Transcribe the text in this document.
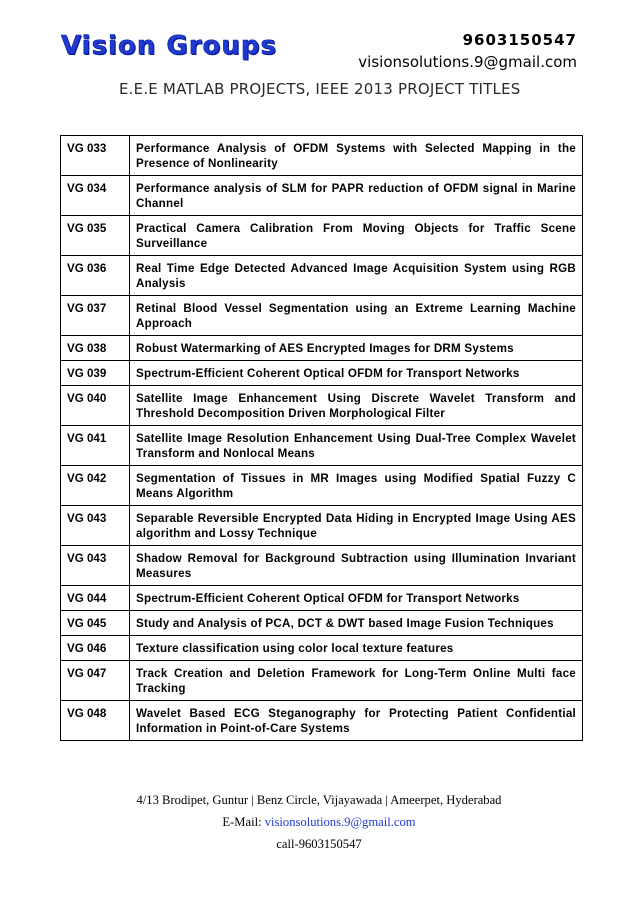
Vision Groups	9603150547
visionsolutions.9@gmail.com
E.E.E MATLAB PROJECTS, IEEE 2013 PROJECT TITLES
VG 033	Performance Analysis of OFDM Systems with Selected Mapping in the Presence of Nonlinearity
VG 034	Performance analysis of SLM for PAPR reduction of OFDM signal in Marine Channel
VG 035	Practical Camera Calibration From Moving Objects for Traffic Scene Surveillance
VG 036	Real Time Edge Detected Advanced Image Acquisition System using RGB Analysis
VG 037	Retinal Blood Vessel Segmentation using an Extreme Learning Machine Approach
VG 038	Robust Watermarking of AES Encrypted Images for DRM Systems
VG 039	Spectrum-Efficient Coherent Optical OFDM for Transport Networks
VG 040	Satellite Image Enhancement Using Discrete Wavelet Transform and Threshold Decomposition Driven Morphological Filter
VG 041	Satellite Image Resolution Enhancement Using Dual-Tree Complex Wavelet Transform and Nonlocal Means
VG 042	Segmentation of Tissues in MR Images using Modified Spatial Fuzzy C Means Algorithm
VG 043	Separable Reversible Encrypted Data Hiding in Encrypted Image Using AES algorithm and Lossy Technique
VG 043	Shadow Removal for Background Subtraction using Illumination Invariant Measures
VG 044	Spectrum-Efficient Coherent Optical OFDM for Transport Networks
VG 045	Study and Analysis of PCA, DCT & DWT based Image Fusion Techniques
VG 046	Texture classification using color local texture features
VG 047	Track Creation and Deletion Framework for Long-Term Online Multi face Tracking
VG 048	Wavelet Based ECG Steganography for Protecting Patient Confidential Information in Point-of-Care Systems
4/13 Brodipet, Guntur | Benz Circle, Vijayawada | Ameerpet, Hyderabad
E-Mail: visionsolutions.9@gmail.com
call-9603150547
